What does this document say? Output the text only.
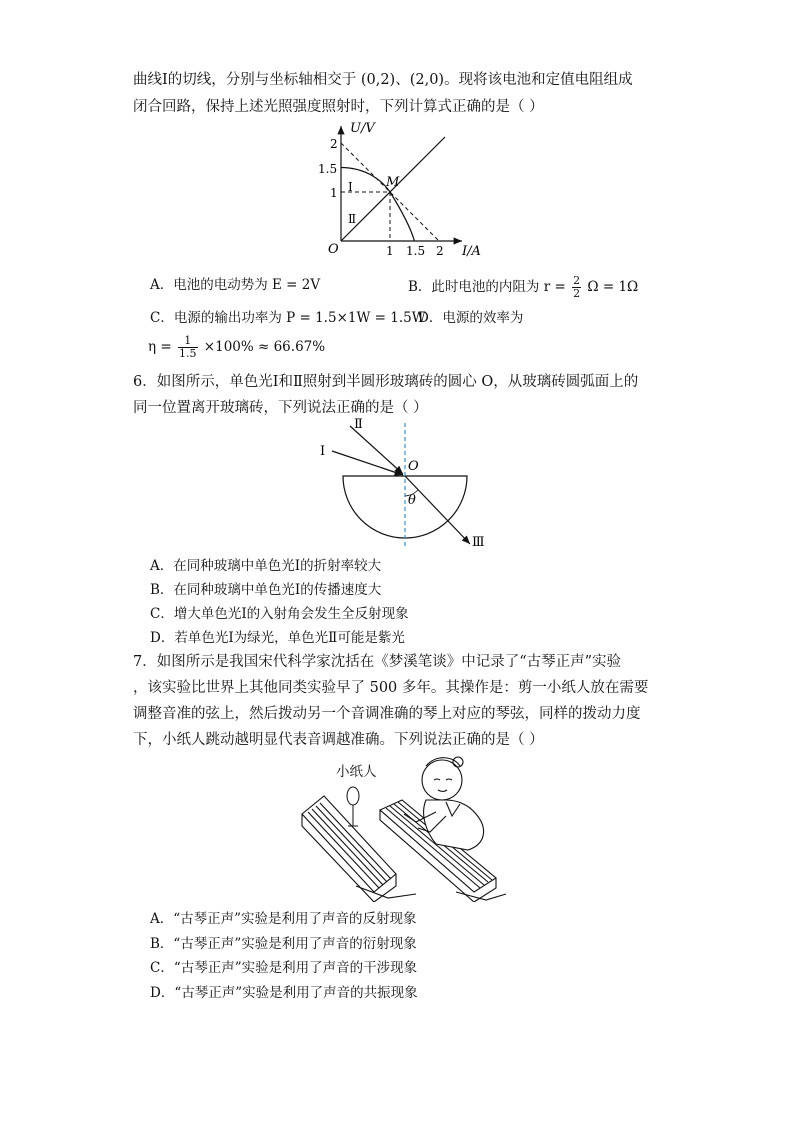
曲线Ⅰ的切线，分别与坐标轴相交于 (0,2)、(2,0)。现将该电池和定值电阻组成
闭合回路，保持上述光照强度照射时，下列计算式正确的是（ ）
U/V
I/A
O
M
Ⅰ
Ⅱ
2
1.5
1
1 1.5 2
A．电池的电动势为 E = 2V	B．此时电池的内阻为 $r = \frac{2}{2}$ Ω = 1Ω
C．电源的输出功率为 P = 1.5×1W = 1.5W
D．电源的效率为
$\eta = \frac{1}{1.5} \times 100\% \approx 66.67\%$
6．如图所示，单色光Ⅰ和Ⅱ照射到半圆形玻璃砖的圆心 O，从玻璃砖圆弧面上的
同一位置离开玻璃砖，下列说法正确的是（ ）
Ⅰ
Ⅱ
Ⅲ
O
θ
A．在同种玻璃中单色光Ⅰ的折射率较大
B．在同种玻璃中单色光Ⅰ的传播速度大
C．增大单色光Ⅰ的入射角会发生全反射现象
D．若单色光Ⅰ为绿光，单色光Ⅱ可能是紫光
7．如图所示是我国宋代科学家沈括在《梦溪笔谈》中记录了“古琴正声”实验
，该实验比世界上其他同类实验早了 500 多年。其操作是：剪一小纸人放在需要
调整音准的弦上，然后拨动另一个音调准确的琴上对应的琴弦，同样的拨动力度
下，小纸人跳动越明显代表音调越准确。下列说法正确的是（ ）
小纸人
A．“古琴正声”实验是利用了声音的反射现象
B．“古琴正声”实验是利用了声音的衍射现象
C．“古琴正声”实验是利用了声音的干涉现象
D．“古琴正声”实验是利用了声音的共振现象
